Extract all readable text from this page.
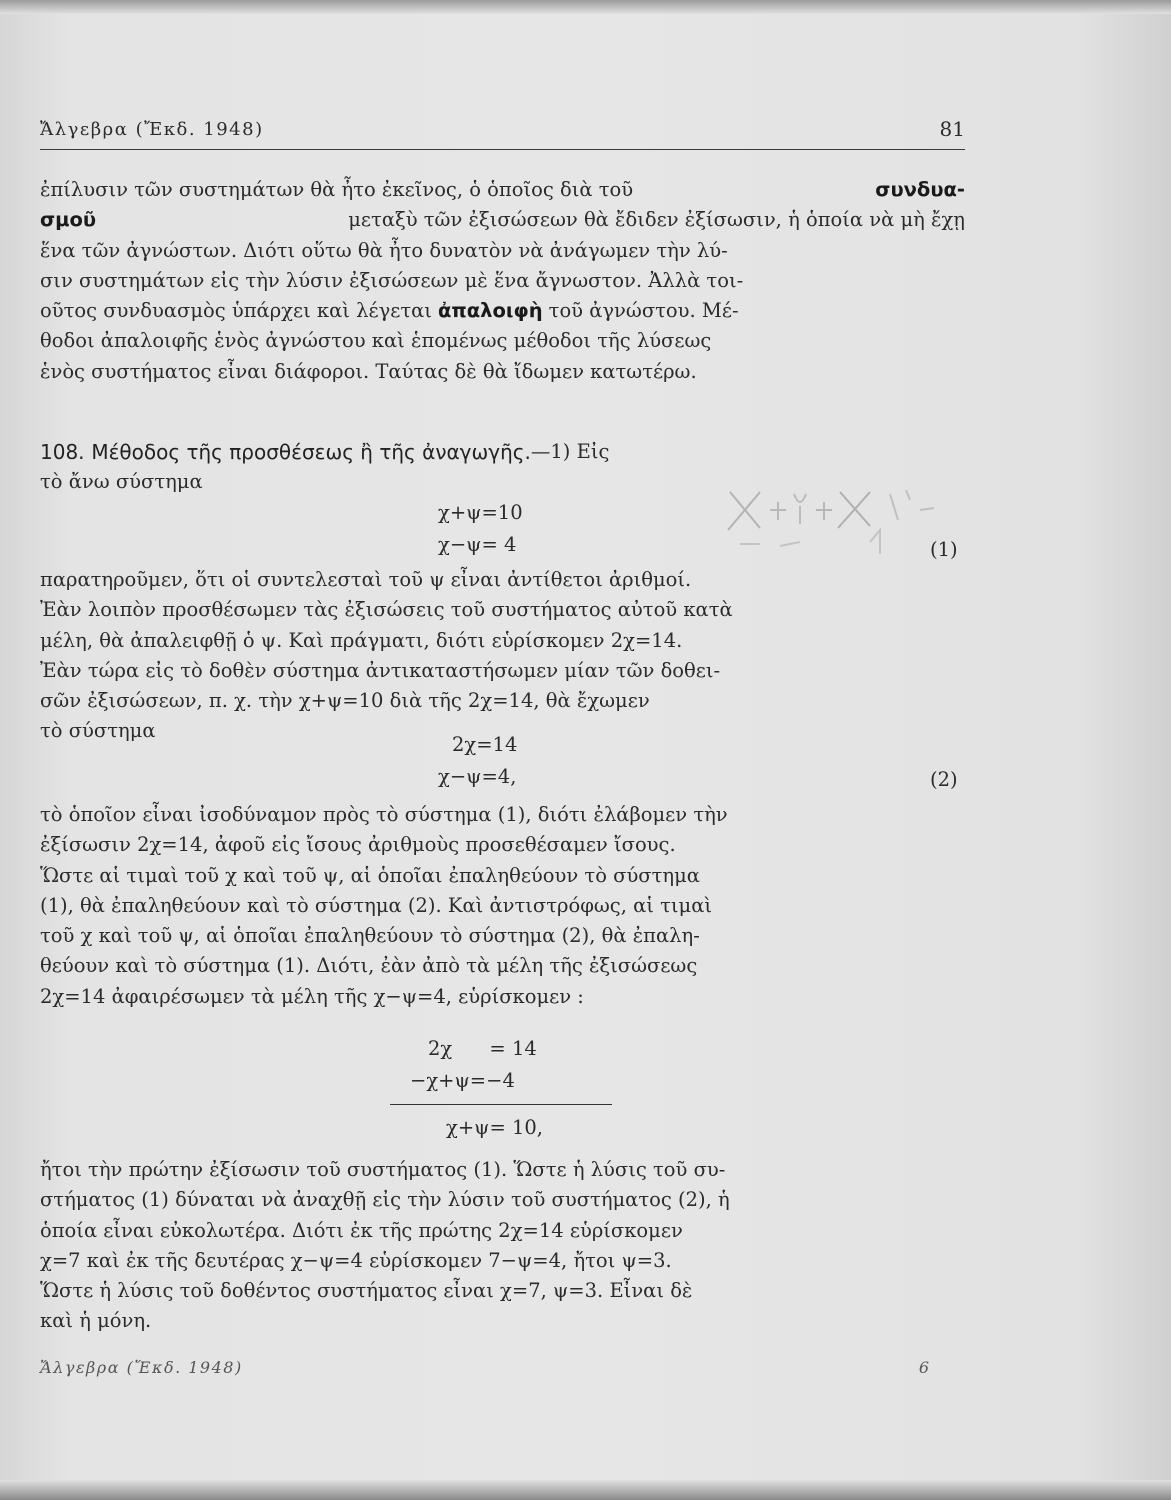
Ἄλγεβρα (Ἔκδ. 1948)	81
ἐπίλυσιν τῶν συστημάτων θὰ ἦτο ἐκεῖνος, ὁ ὁποῖος διὰ τοῦ	συνδυα-
σμοῦ	μεταξὺ τῶν ἐξισώσεων θὰ ἔδιδεν ἐξίσωσιν, ἡ ὁποία νὰ μὴ ἔχῃ
ἕνα τῶν ἀγνώστων. Διότι οὕτω θὰ ἦτο δυνατὸν νὰ ἀνάγωμεν τὴν λύ-
σιν συστημάτων εἰς τὴν λύσιν ἐξισώσεων μὲ ἕνα ἄγνωστον. Ἀλλὰ τοι-
οῦτος συνδυασμὸς ὑπάρχει καὶ λέγεται ἀπαλοιφὴ τοῦ ἀγνώστου. Μέ-
θοδοι ἀπαλοιφῆς ἑνὸς ἀγνώστου καὶ ἑπομένως μέθοδοι τῆς λύσεως
ἑνὸς συστήματος εἶναι διάφοροι. Ταύτας δὲ θὰ ἴδωμεν κατωτέρω.
108. Μέθοδος τῆς προσθέσεως ἢ τῆς ἀναγωγῆς. —1) Εἰς
τὸ ἄνω σύστημα
χ+ψ=10
χ−ψ= 4	(1)
παρατηροῦμεν, ὅτι οἱ συντελεσταὶ τοῦ ψ εἶναι ἀντίθετοι ἀριθμοί.
Ἐὰν λοιπὸν προσθέσωμεν τὰς ἐξισώσεις τοῦ συστήματος αὐτοῦ κατὰ
μέλη, θὰ ἀπαλειφθῇ ὁ ψ. Καὶ πράγματι, διότι εὑρίσκομεν 2χ=14.
Ἐὰν τώρα εἰς τὸ δοθὲν σύστημα ἀντικαταστήσωμεν μίαν τῶν δοθει-
σῶν ἐξισώσεων, π. χ. τὴν χ+ψ=10 διὰ τῆς 2χ=14, θὰ ἔχωμεν
τὸ σύστημα
2χ=14
χ−ψ=4,	(2)
τὸ ὁποῖον εἶναι ἰσοδύναμον πρὸς τὸ σύστημα (1), διότι ἐλάβομεν τὴν
ἐξίσωσιν 2χ=14, ἀφοῦ εἰς ἴσους ἀριθμοὺς προσεθέσαμεν ἴσους.
Ὥστε αἱ τιμαὶ τοῦ χ καὶ τοῦ ψ, αἱ ὁποῖαι ἐπαληθεύουν τὸ σύστημα
(1), θὰ ἐπαληθεύουν καὶ τὸ σύστημα (2). Καὶ ἀντιστρόφως, αἱ τιμαὶ
τοῦ χ καὶ τοῦ ψ, αἱ ὁποῖαι ἐπαληθεύουν τὸ σύστημα (2), θὰ ἐπαλη-
θεύουν καὶ τὸ σύστημα (1). Διότι, ἐὰν ἀπὸ τὰ μέλη τῆς ἐξισώσεως
2χ=14 ἀφαιρέσωμεν τὰ μέλη τῆς χ−ψ=4, εὑρίσκομεν :
2χ      = 14
−χ+ψ=−4
χ+ψ= 10,
ἤτοι τὴν πρώτην ἐξίσωσιν τοῦ συστήματος (1). Ὥστε ἡ λύσις τοῦ συ-
στήματος (1) δύναται νὰ ἀναχθῇ εἰς τὴν λύσιν τοῦ συστήματος (2), ἡ
ὁποία εἶναι εὐκολωτέρα. Διότι ἐκ τῆς πρώτης 2χ=14 εὑρίσκομεν
χ=7 καὶ ἐκ τῆς δευτέρας χ−ψ=4 εὑρίσκομεν 7−ψ=4, ἤτοι ψ=3.
Ὥστε ἡ λύσις τοῦ δοθέντος συστήματος εἶναι χ=7, ψ=3. Εἶναι δὲ
καὶ ἡ μόνη.
Ἄλγεβρα (Ἔκδ. 1948)	6
